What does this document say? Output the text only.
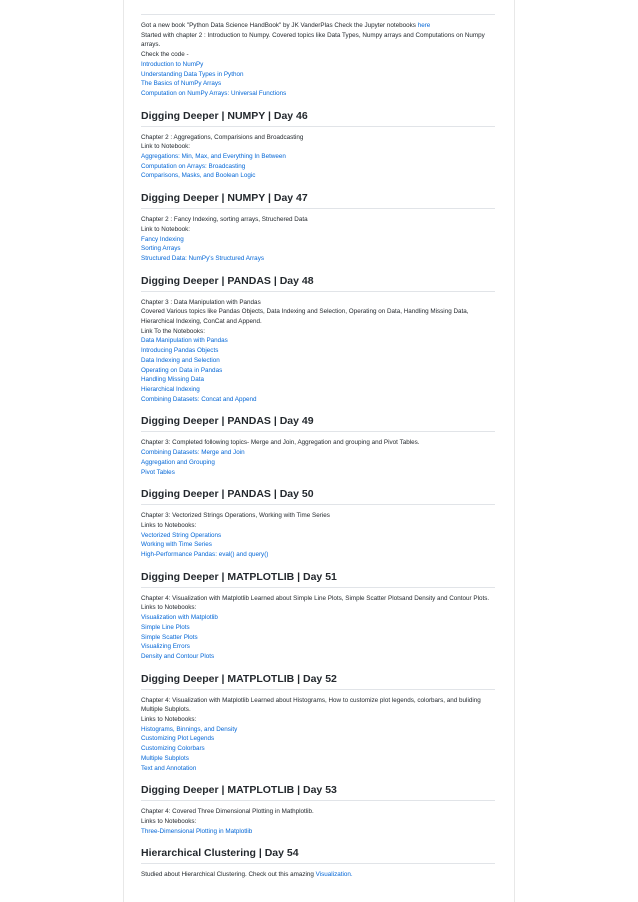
Got a new book "Python Data Science HandBook" by JK VanderPlas Check the Jupyter notebooks here

Started with chapter 2 : Introduction to Numpy. Covered topics like Data Types, Numpy arrays and Computations on Numpy arrays.

Check the code -

Introduction to NumPy
Understanding Data Types in Python
The Basics of NumPy Arrays
Computation on NumPy Arrays: Universal Functions
Digging Deeper | NUMPY | Day 46

Chapter 2 : Aggregations, Comparisions and Broadcasting

Link to Notebook:

Aggregations: Min, Max, and Everything In Between
Computation on Arrays: Broadcasting
Comparisons, Masks, and Boolean Logic
Digging Deeper | NUMPY | Day 47

Chapter 2 : Fancy Indexing, sorting arrays, Struchered Data

Link to Notebook:

Fancy Indexing
Sorting Arrays
Structured Data: NumPy's Structured Arrays
Digging Deeper | PANDAS | Day 48

Chapter 3 : Data Manipulation with Pandas

Covered Various topics like Pandas Objects, Data Indexing and Selection, Operating on Data, Handling Missing Data, Hierarchical Indexing, ConCat and Append.

Link To the Notebooks:

Data Manipulation with Pandas
Introducing Pandas Objects
Data Indexing and Selection
Operating on Data in Pandas
Handling Missing Data
Hierarchical Indexing
Combining Datasets: Concat and Append
Digging Deeper | PANDAS | Day 49

Chapter 3: Completed following topics- Merge and Join, Aggregation and grouping and Pivot Tables.

Combining Datasets: Merge and Join
Aggregation and Grouping
Pivot Tables
Digging Deeper | PANDAS | Day 50

Chapter 3: Vectorized Strings Operations, Working with Time Series

Links to Notebooks:

Vectorized String Operations
Working with Time Series
High-Performance Pandas: eval() and query()
Digging Deeper | MATPLOTLIB | Day 51

Chapter 4: Visualization with Matplotlib Learned about Simple Line Plots, Simple Scatter Plotsand Density and Contour Plots.

Links to Notebooks:

Visualization with Matplotlib
Simple Line Plots
Simple Scatter Plots
Visualizing Errors
Density and Contour Plots
Digging Deeper | MATPLOTLIB | Day 52

Chapter 4: Visualization with Matplotlib Learned about Histograms, How to customize plot legends, colorbars, and buliding Multiple Subplots.

Links to Notebooks:

Histograms, Binnings, and Density
Customizing Plot Legends
Customizing Colorbars
Multiple Subplots
Text and Annotation
Digging Deeper | MATPLOTLIB | Day 53

Chapter 4: Covered Three Dimensional Plotting in Mathplotlib.

Links to Notebooks:

Three-Dimensional Plotting in Matplotlib
Hierarchical Clustering | Day 54

Studied about Hierarchical Clustering. Check out this amazing Visualization.
